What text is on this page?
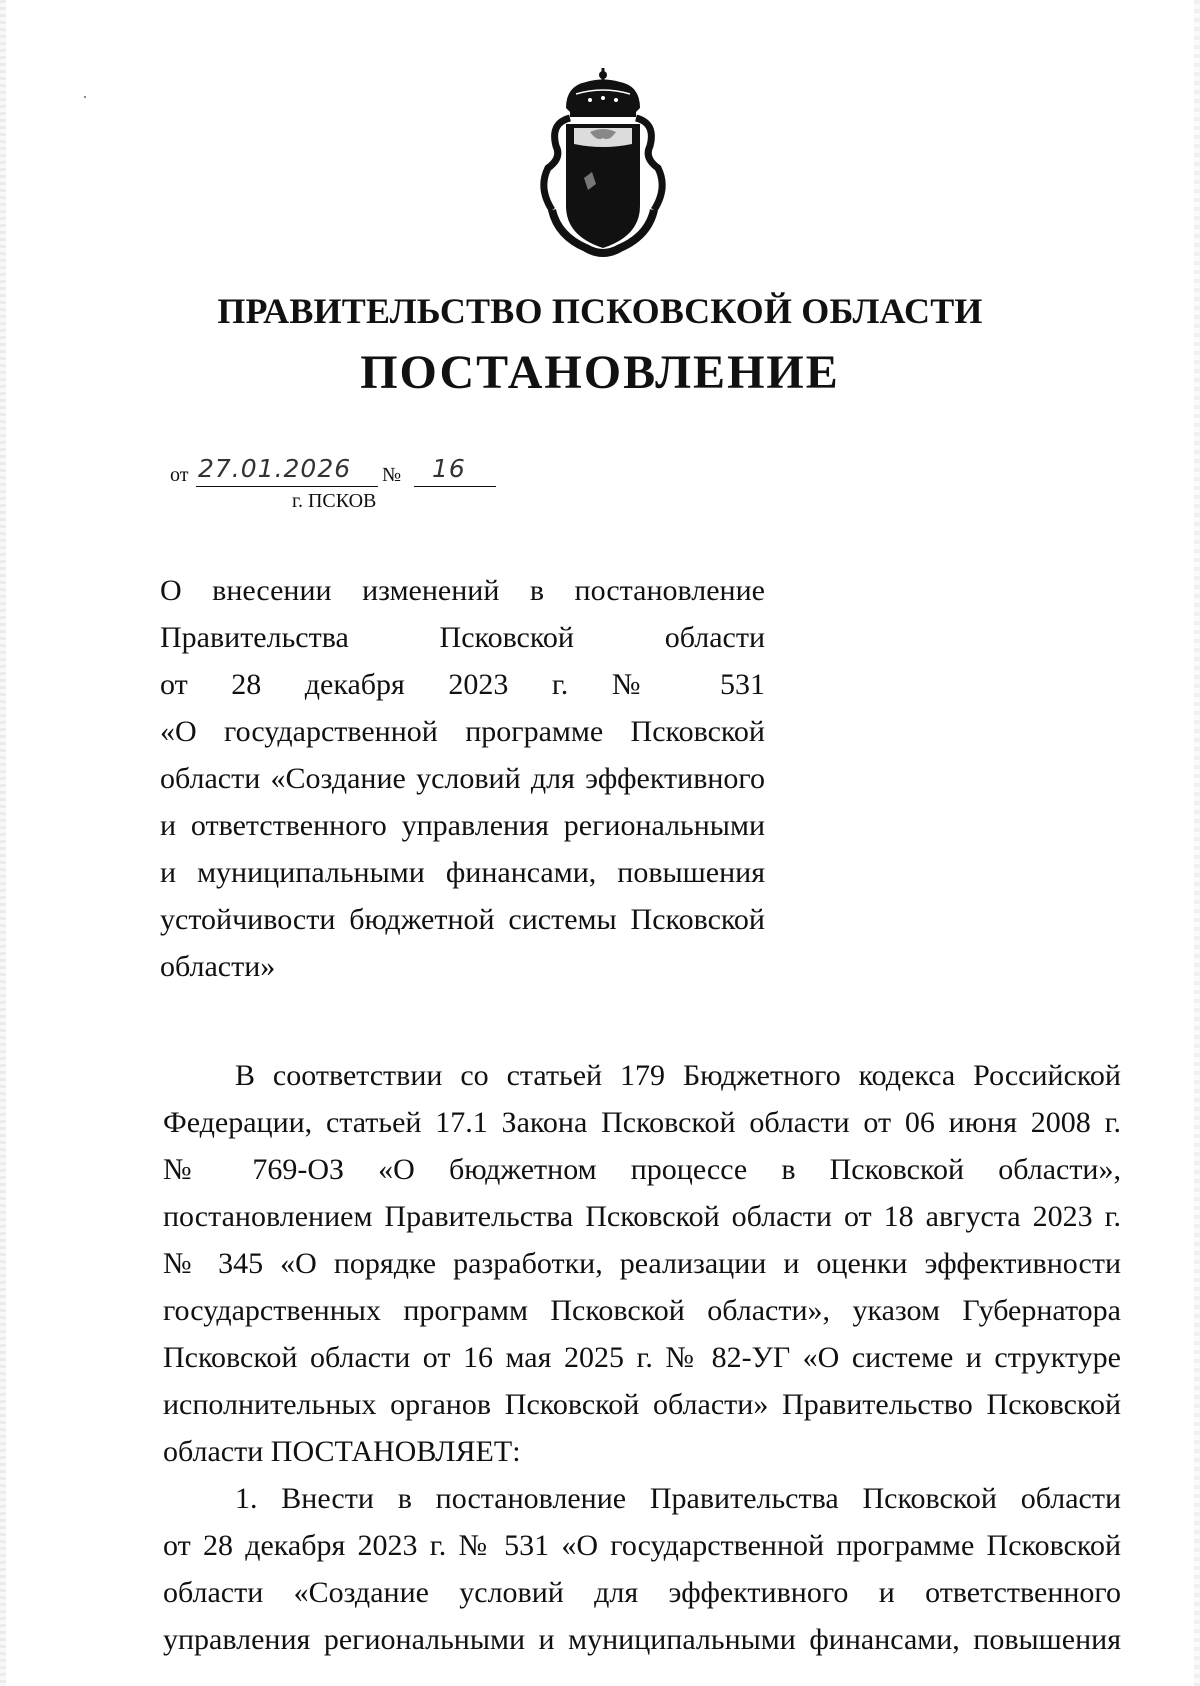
ПРАВИТЕЛЬСТВО ПСКОВСКОЙ ОБЛАСТИ
ПОСТАНОВЛЕНИЕ
от 27.01.2026 № 16
г. ПСКОВ
О внесении изменений в постановление
Правительства Псковской области
от 28 декабря 2023 г. № 531
«О государственной программе Псковской
области «Создание условий для эффективного
и ответственного управления региональными
и муниципальными финансами, повышения
устойчивости бюджетной системы Псковской
области»
В соответствии со статьей 179 Бюджетного кодекса Российской
Федерации, статьей 17.1 Закона Псковской области от 06 июня 2008 г.
№ 769-ОЗ «О бюджетном процессе в Псковской области»,
постановлением Правительства Псковской области от 18 августа 2023 г.
№ 345 «О порядке разработки, реализации и оценки эффективности
государственных программ Псковской области», указом Губернатора
Псковской области от 16 мая 2025 г. № 82-УГ «О системе и структуре
исполнительных органов Псковской области» Правительство Псковской
области ПОСТАНОВЛЯЕТ:
1. Внести в постановление Правительства Псковской области
от 28 декабря 2023 г. № 531 «О государственной программе Псковской
области «Создание условий для эффективного и ответственного
управления региональными и муниципальными финансами, повышения
